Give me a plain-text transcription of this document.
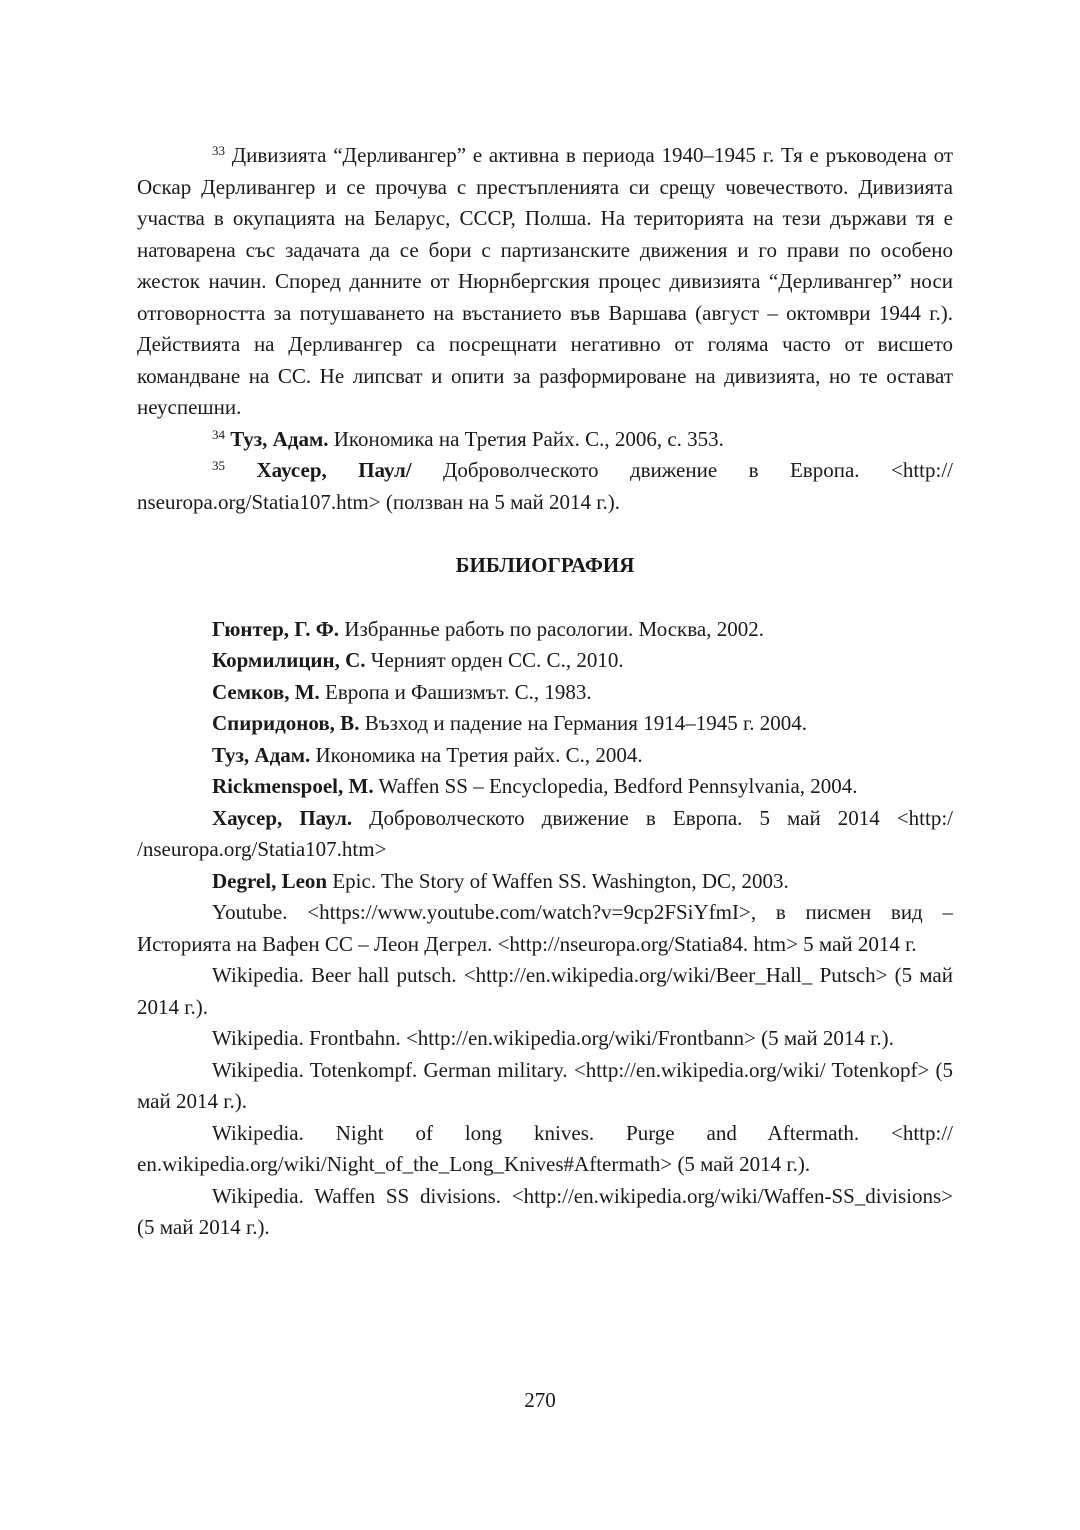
$^{33}$ Дивизията “Дерливангер” е активна в периода 1940–1945 г. Тя е ръководена от Оскар Дерливангер и се прочува с престъпленията си срещу човечеството. Дивизията участва в окупацията на Беларус, СССР, Полша. На територията на тези държави тя е натоварена със задачата да се бори с партизанските движения и го прави по особено жесток начин. Според данните от Нюрнбергския процес дивизията “Дерливангер” носи отговорността за потушаването на въстанието във Варшава (август – октомври 1944 г.). Действията на Дерливангер са посрещнати негативно от голяма часто от висшето командване на СС. Не липсват и опити за разформироване на дивизията, но те остават неуспешни.

$^{34}$ Туз, Адам. Икономика на Третия Райх. С., 2006, с. 353.

$^{35}$ Хаусер, Паул/ Доброволческото движение в Европа. <http:// nseuropa.org/Statia107.htm> (ползван на 5 май 2014 г.).

БИБЛИОГРАФИЯ

Гюнтер, Г. Ф. Избраннье работь по расологии. Москва, 2002.

Кормилицин, С. Черният орден СС. С., 2010.

Семков, М. Европа и Фашизмът. С., 1983.

Спиридонов, В. Възход и падение на Германия 1914–1945 г. 2004.

Туз, Адам. Икономика на Третия райх. С., 2004.

Rickmenspoel, M. Waffen SS – Encyclopedia, Bedford Pennsylvania, 2004.

Хаусер, Паул. Доброволческото движение в Европа. 5 май 2014 <http:/ /nseuropa.org/Statia107.htm>

Degrel, Leon Epic. The Story of Waffen SS. Washington, DC, 2003.

Youtube. <https://www.youtube.com/watch?v=9cp2FSiYfmI>, в писмен вид – Историята на Вафен СС – Леон Дегрел. <http://nseuropa.org/Statia84. htm> 5 май 2014 г.

Wikipedia. Beer hall putsch. <http://en.wikipedia.org/wiki/Beer_Hall_ Putsch> (5 май 2014 г.).

Wikipedia. Frontbahn. <http://en.wikipedia.org/wiki/Frontbann> (5 май 2014 г.).

Wikipedia. Totenkompf. German military. <http://en.wikipedia.org/wiki/ Totenkopf> (5 май 2014 г.).

Wikipedia. Night of long knives. Purge and Aftermath. <http:// en.wikipedia.org/wiki/Night_of_the_Long_Knives#Aftermath> (5 май 2014 г.).

Wikipedia. Waffen SS divisions. <http://en.wikipedia.org/wiki/Waffen-SS_divisions> (5 май 2014 г.).

270
